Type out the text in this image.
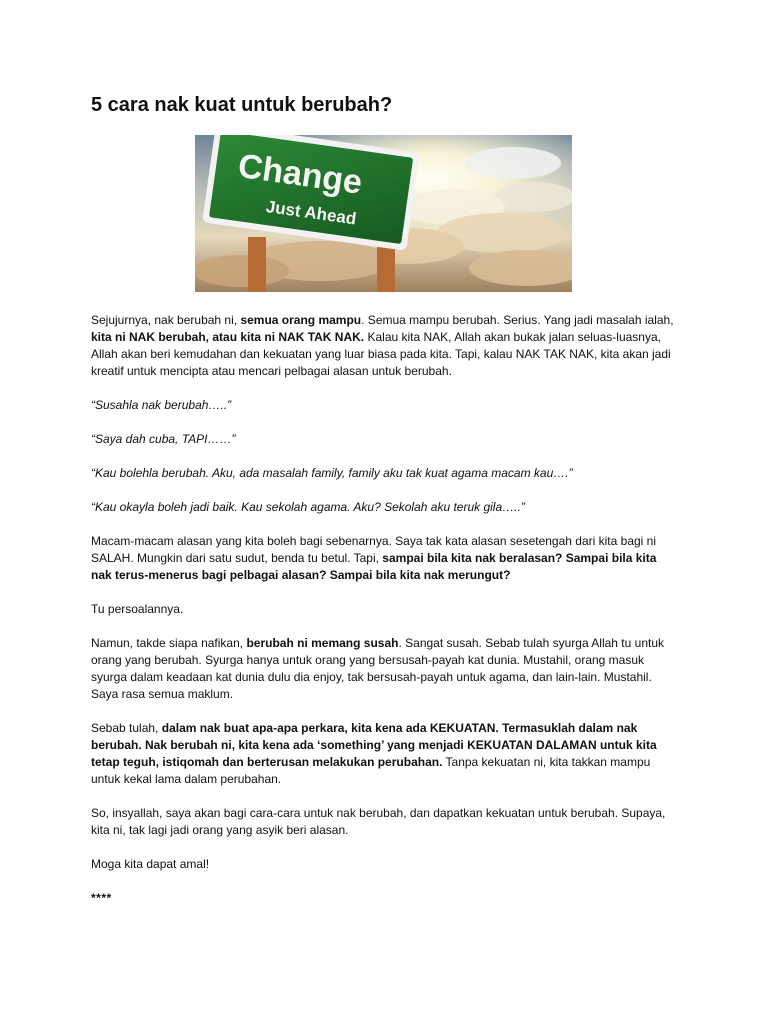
5 cara nak kuat untuk berubah?
Change
Just Ahead

Sejujurnya, nak berubah ni, semua orang mampu. Semua mampu berubah. Serius. Yang jadi masalah ialah, kita ni NAK berubah, atau kita ni NAK TAK NAK. Kalau kita NAK, Allah akan bukak jalan seluas-luasnya, Allah akan beri kemudahan dan kekuatan yang luar biasa pada kita. Tapi, kalau NAK TAK NAK, kita akan jadi kreatif untuk mencipta atau mencari pelbagai alasan untuk berubah.

“Susahla nak berubah…..”

“Saya dah cuba, TAPI……”

“Kau bolehla berubah. Aku, ada masalah family, family aku tak kuat agama macam kau….”

“Kau okayla boleh jadi baik. Kau sekolah agama. Aku? Sekolah aku teruk gila…..”

Macam-macam alasan yang kita boleh bagi sebenarnya. Saya tak kata alasan sesetengah dari kita bagi ni SALAH. Mungkin dari satu sudut, benda tu betul. Tapi, sampai bila kita nak beralasan? Sampai bila kita nak terus-menerus bagi pelbagai alasan? Sampai bila kita nak merungut?

Tu persoalannya.

Namun, takde siapa nafikan, berubah ni memang susah. Sangat susah. Sebab tulah syurga Allah tu untuk orang yang berubah. Syurga hanya untuk orang yang bersusah-payah kat dunia. Mustahil, orang masuk syurga dalam keadaan kat dunia dulu dia enjoy, tak bersusah-payah untuk agama, dan lain-lain. Mustahil. Saya rasa semua maklum.

Sebab tulah, dalam nak buat apa-apa perkara, kita kena ada KEKUATAN. Termasuklah dalam nak berubah. Nak berubah ni, kita kena ada ‘something’ yang menjadi KEKUATAN DALAMAN untuk kita tetap teguh, istiqomah dan berterusan melakukan perubahan. Tanpa kekuatan ni, kita takkan mampu untuk kekal lama dalam perubahan.

So, insyallah, saya akan bagi cara-cara untuk nak berubah, dan dapatkan kekuatan untuk berubah. Supaya, kita ni, tak lagi jadi orang yang asyik beri alasan.

Moga kita dapat amal!

****
